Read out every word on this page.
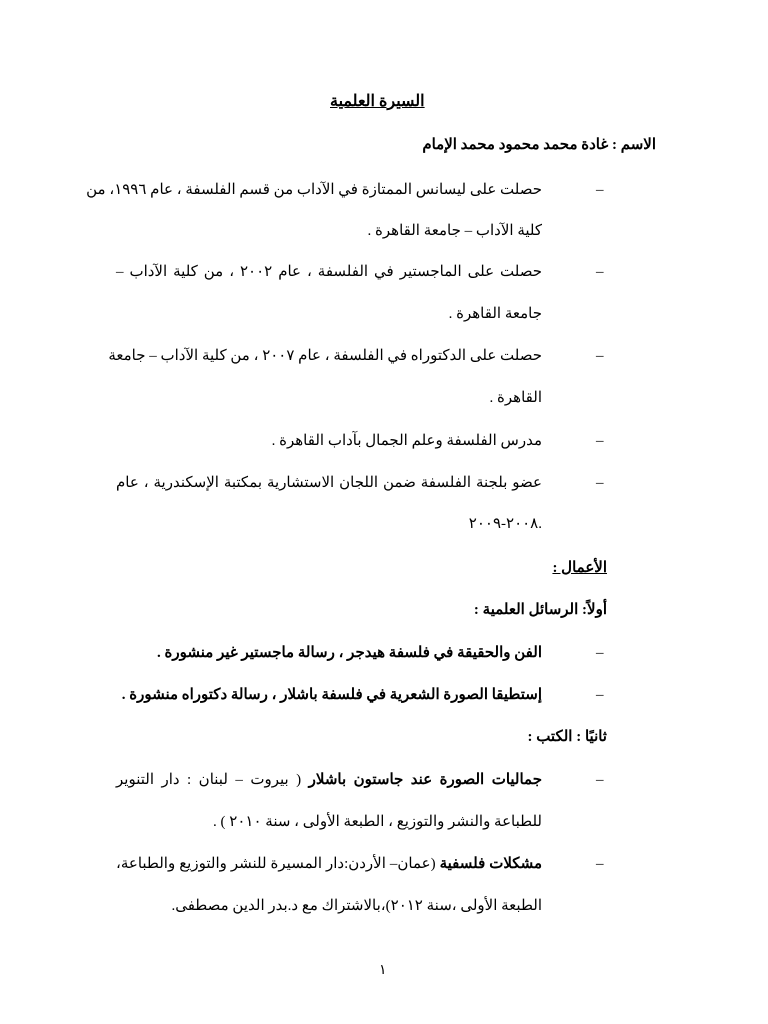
السيرة العلمية
الاسم : غادة محمد محمود محمد الإمام
–
حصلت على ليسانس الممتازة في الآداب من قسم الفلسفة ، عام ١٩٩٦، من
كلية الآداب – جامعة القاهرة .
–
حصلت على الماجستير في الفلسفة ، عام ٢٠٠٢ ، من كلية الآداب –
جامعة القاهرة .
–
حصلت على الدكتوراه في الفلسفة ، عام ٢٠٠٧ ، من كلية الآداب – جامعة
القاهرة .
–
مدرس الفلسفة وعلم الجمال بآداب القاهرة .
–
عضو بلجنة الفلسفة ضمن اللجان الاستشارية بمكتبة الإسكندرية ، عام
٢٠٠٨-٢٠٠٩.
الأعمال :
أولاً: الرسائل العلمية :
–
الفن والحقيقة في فلسفة هيدجر ، رسالة ماجستير غير منشورة .
–
إستطيقا الصورة الشعرية في فلسفة باشلار ، رسالة دكتوراه منشورة .
ثانيًا : الكتب :
–
جماليات الصورة عند جاستون باشلار ( بيروت – لبنان : دار التنوير
للطباعة والنشر والتوزيع ، الطبعة الأولى ، سنة ٢٠١٠ ) .
–
مشكلات فلسفية (عمان– الأردن:دار المسيرة للنشر والتوزيع والطباعة،
الطبعة الأولى ،سنة ٢٠١٢)،بالاشتراك مع د.بدر الدين مصطفى.
١
